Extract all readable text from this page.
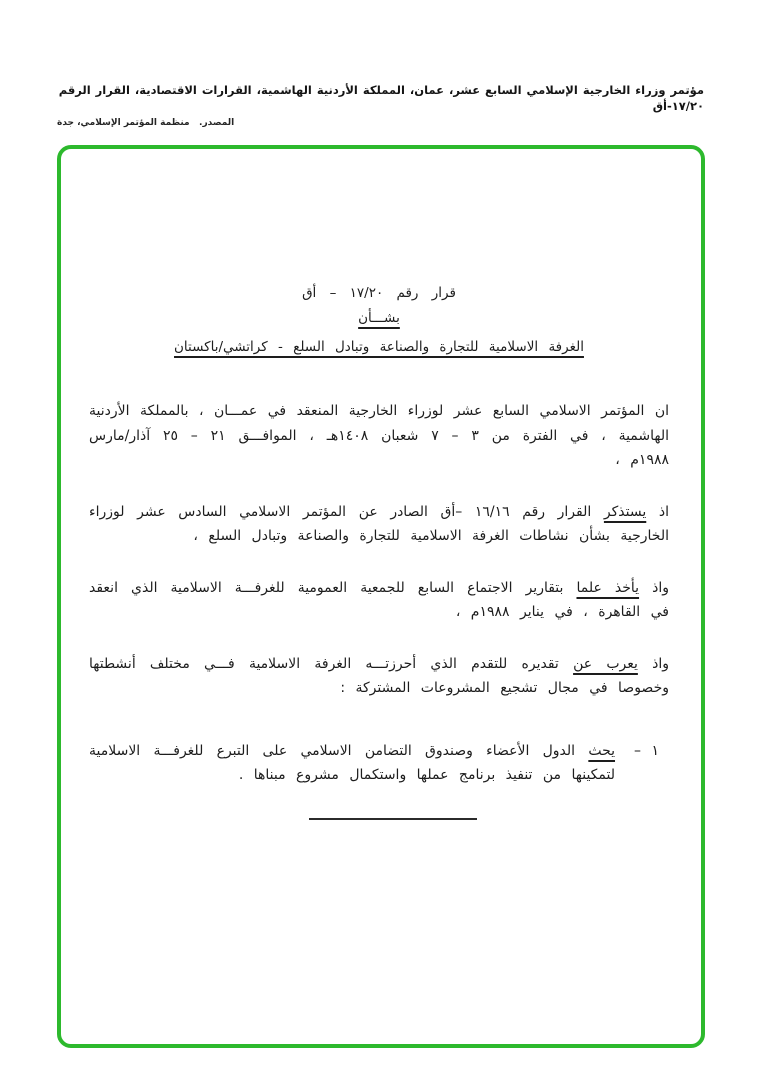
مؤتمر وزراء الخارجية الإسلامي السابع عشر، عمان، المملكة الأردنية الهاشمية، القرارات الاقتصادية، القرار الرقم ١٧/٢٠-أق
المصدر.   منظمة المؤتمر الإسلامي، جدة
قرار رقم ١٧/٢٠ – أق
بشـــأن
الغرفة الاسلامية للتجارة والصناعة وتبادل السلع - كراتشي/باكستان

ان المؤتمر الاسلامي السابع عشر لوزراء الخارجية المنعقد في عمـــان ، بالمملكة الأردنية الهاشمية ، في الفترة من ٣ – ٧ شعبان ١٤٠٨هـ ، الموافـــق ٢١ – ٢٥ آذار/مارس ١٩٨٨م ،

اذ يستذكر القرار رقم ١٦/١٦ –أق الصادر عن المؤتمر الاسلامي السادس عشر لوزراء الخارجية بشأن نشاطات الغرفة الاسلامية للتجارة والصناعة وتبادل السلع ،

واذ يأخذ علما بتقارير الاجتماع السابع للجمعية العمومية للغرفـــة الاسلامية الذي انعقد في القاهرة ، في يناير ١٩٨٨م ،

واذ يعرب عن تقديره للتقدم الذي أحرزتـــه الغرفة الاسلامية فـــي مختلف أنشطتها وخصوصا في مجال تشجيع المشروعات المشتركة :

١ –
يحث الدول الأعضاء وصندوق التضامن الاسلامي على التبرع للغرفـــة الاسلامية لتمكينها من تنفيذ برنامج عملها واستكمال مشروع مبناها .
